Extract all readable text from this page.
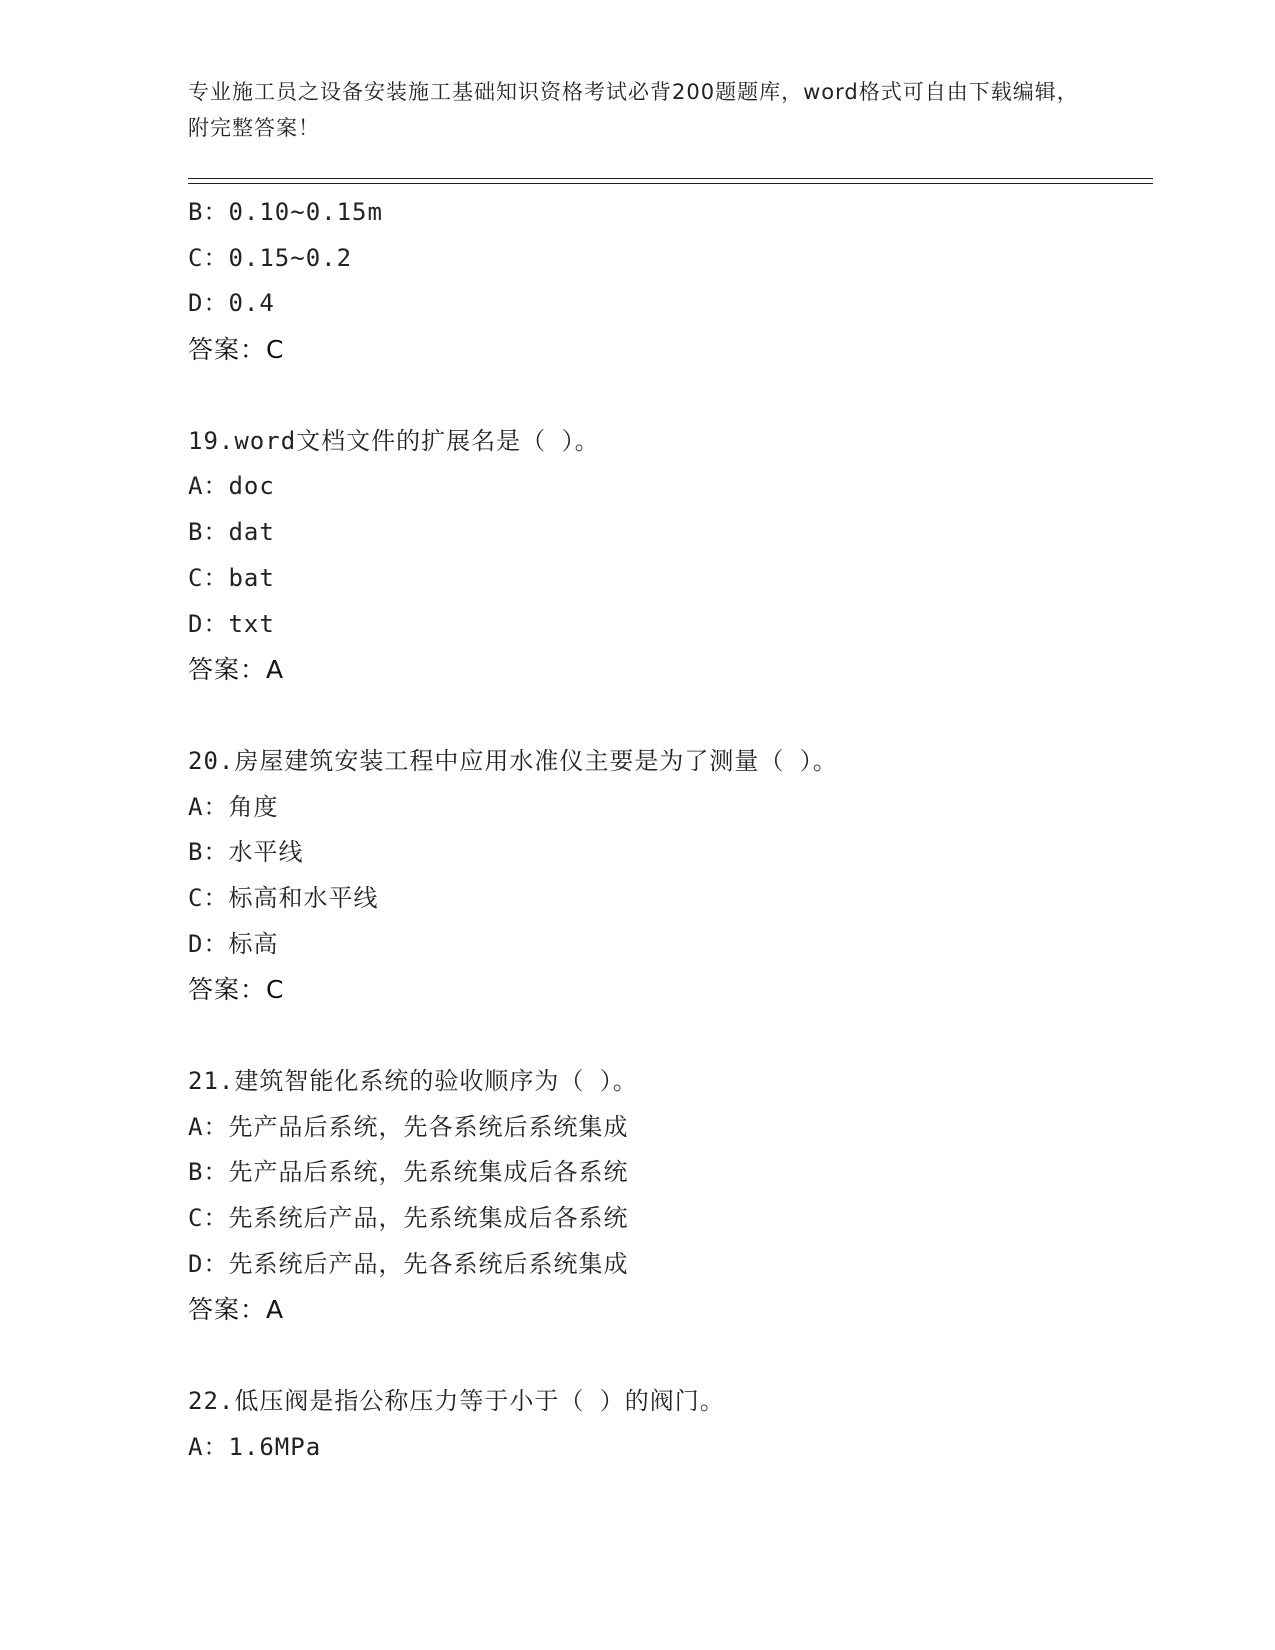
专业施工员之设备安装施工基础知识资格考试必背200题题库，word格式可自由下载编辑，附完整答案！
B：0.10~0.15m
C：0.15~0.2
D：0.4
答案：C
19.word文档文件的扩展名是（ ）。
A：doc
B：dat
C：bat
D：txt
答案：A
20.房屋建筑安装工程中应用水准仪主要是为了测量（ ）。
A：角度
B：水平线
C：标高和水平线
D：标高
答案：C
21.建筑智能化系统的验收顺序为（ ）。
A：先产品后系统，先各系统后系统集成
B：先产品后系统，先系统集成后各系统
C：先系统后产品，先系统集成后各系统
D：先系统后产品，先各系统后系统集成
答案：A
22.低压阀是指公称压力等于小于（ ）的阀门。
A：1.6MPa
